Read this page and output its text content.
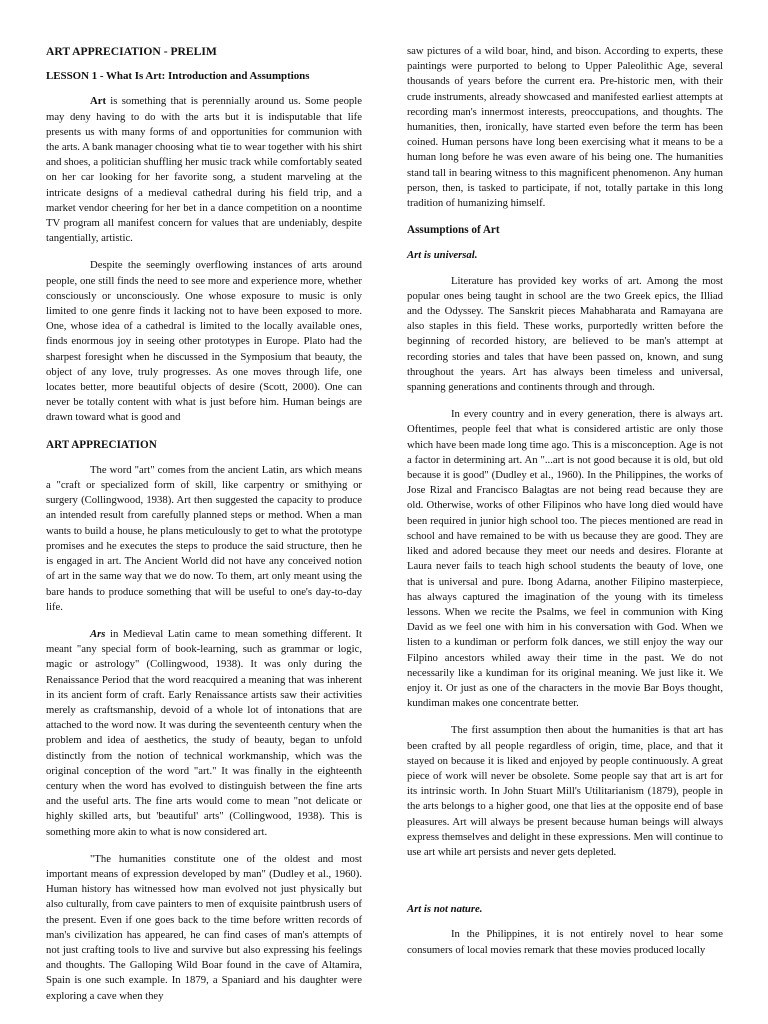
ART APPRECIATION - PRELIM
LESSON 1 - What Is Art: Introduction and Assumptions

Art is something that is perennially around us. Some people may deny having to do with the arts but it is indisputable that life presents us with many forms of and opportunities for communion with the arts. A bank manager choosing what tie to wear together with his shirt and shoes, a politician shuffling her music track while comfortably seated on her car looking for her favorite song, a student marveling at the intricate designs of a medieval cathedral during his field trip, and a market vendor cheering for her bet in a dance competition on a noontime TV program all manifest concern for values that are undeniably, despite tangentially, artistic.

Despite the seemingly overflowing instances of arts around people, one still finds the need to see more and experience more, whether consciously or unconsciously. One whose exposure to music is only limited to one genre finds it lacking not to have been exposed to more. One, whose idea of a cathedral is limited to the locally available ones, finds enormous joy in seeing other prototypes in Europe. Plato had the sharpest foresight when he discussed in the Symposium that beauty, the object of any love, truly progresses. As one moves through life, one locates better, more beautiful objects of desire (Scott, 2000). One can never be totally content with what is just before him. Human beings are drawn toward what is good and

ART APPRECIATION

The word "art" comes from the ancient Latin, ars which means a "craft or specialized form of skill, like carpentry or smithying or surgery (Collingwood, 1938). Art then suggested the capacity to produce an intended result from carefully planned steps or method. When a man wants to build a house, he plans meticulously to get to what the prototype promises and he executes the steps to produce the said structure, then he is engaged in art. The Ancient World did not have any conceived notion of art in the same way that we do now. To them, art only meant using the bare hands to produce something that will be useful to one's day-to-day life.

Ars in Medieval Latin came to mean something different. It meant "any special form of book-learning, such as grammar or logic, magic or astrology" (Collingwood, 1938). It was only during the Renaissance Period that the word reacquired a meaning that was inherent in its ancient form of craft. Early Renaissance artists saw their activities merely as craftsmanship, devoid of a whole lot of intonations that are attached to the word now. It was during the seventeenth century when the problem and idea of aesthetics, the study of beauty, began to unfold distinctly from the notion of technical workmanship, which was the original conception of the word "art." It was finally in the eighteenth century when the word has evolved to distinguish between the fine arts and the useful arts. The fine arts would come to mean "not delicate or highly skilled arts, but 'beautiful' arts" (Collingwood, 1938). This is something more akin to what is now considered art.

"The humanities constitute one of the oldest and most important means of expression developed by man" (Dudley et al., 1960). Human history has witnessed how man evolved not just physically but also culturally, from cave painters to men of exquisite paintbrush users of the present. Even if one goes back to the time before written records of man's civilization has appeared, he can find cases of man's attempts of not just crafting tools to live and survive but also expressing his feelings and thoughts. The Galloping Wild Boar found in the cave of Altamira, Spain is one such example. In 1879, a Spaniard and his daughter were exploring a cave when they

saw pictures of a wild boar, hind, and bison. According to experts, these paintings were purported to belong to Upper Paleolithic Age, several thousands of years before the current era. Pre-historic men, with their crude instruments, already showcased and manifested earliest attempts at recording man's innermost interests, preoccupations, and thoughts. The humanities, then, ironically, have started even before the term has been coined. Human persons have long been exercising what it means to be a human long before he was even aware of his being one. The humanities stand tall in bearing witness to this magnificent phenomenon. Any human person, then, is tasked to participate, if not, totally partake in this long tradition of humanizing himself.

Assumptions of Art
Art is universal.

Literature has provided key works of art. Among the most popular ones being taught in school are the two Greek epics, the Illiad and the Odyssey. The Sanskrit pieces Mahabharata and Ramayana are also staples in this field. These works, purportedly written before the beginning of recorded history, are believed to be man's attempt at recording stories and tales that have been passed on, known, and sung throughout the years. Art has always been timeless and universal, spanning generations and continents through and through.

In every country and in every generation, there is always art. Oftentimes, people feel that what is considered artistic are only those which have been made long time ago. This is a misconception. Age is not a factor in determining art. An "...art is not good because it is old, but old because it is good" (Dudley et al., 1960). In the Philippines, the works of Jose Rizal and Francisco Balagtas are not being read because they are old. Otherwise, works of other Filipinos who have long died would have been required in junior high school too. The pieces mentioned are read in school and have remained to be with us because they are good. They are liked and adored because they meet our needs and desires. Florante at Laura never fails to teach high school students the beauty of love, one that is universal and pure. Ibong Adarna, another Filipino masterpiece, has always captured the imagination of the young with its timeless lessons. When we recite the Psalms, we feel in communion with King David as we feel one with him in his conversation with God. When we listen to a kundiman or perform folk dances, we still enjoy the way our Filpino ancestors whiled away their time in the past. We do not necessarily like a kundiman for its original meaning. We just like it. We enjoy it. Or just as one of the characters in the movie Bar Boys thought, kundiman makes one concentrate better.

The first assumption then about the humanities is that art has been crafted by all people regardless of origin, time, place, and that it stayed on because it is liked and enjoyed by people continuously. A great piece of work will never be obsolete. Some people say that art is art for its intrinsic worth. In John Stuart Mill's Utilitarianism (1879), people in the arts belongs to a higher good, one that lies at the opposite end of base pleasures. Art will always be present because human beings will always express themselves and delight in these expressions. Men will continue to use art while art persists and never gets depleted.

Art is not nature.

In the Philippines, it is not entirely novel to hear some consumers of local movies remark that these movies produced locally
